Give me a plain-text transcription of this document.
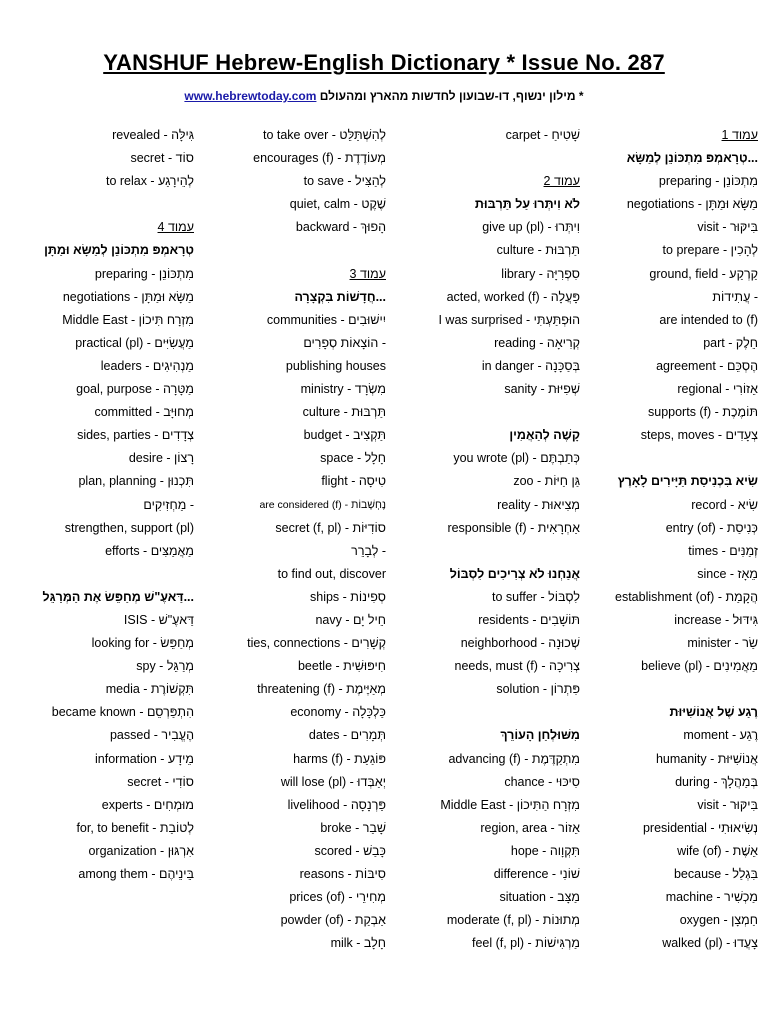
YANSHUF Hebrew-English Dictionary * Issue No. 287
www.hebrewtoday.com מילון ינשוף, דו-שבועון לחדשות מהארץ ומהעולם *
revealed - גִּילָּה
secret - סוֹד
to relax - לְהֵירָגַע
עמוד 4
טְרָאמְפּ מִתְכּוֹנֵן לְמַשָּׂא וּמַתָּן
preparing - מִתְכּוֹנֵן
negotiations - מַשָּׂא וּמַתָּן
Middle East - מִזְרָח תִּיכוֹן
practical (pl) - מַעֲשִׂיִּים
leaders - מַנְהִיגִים
goal, purpose - מַטָּרָה
committed - מְחוּיָּב
sides, parties - צְדָדִים
desire - רָצוֹן
plan, planning - תִּכְנוּן
מַחְזִיקִים -
strengthen, support (pl)
efforts - מַאֲמַצִּים
דַּאעֶ"שׁ מְחַפֵּשׂ אֶת הַמְּרַגֵּל...
ISIS - דַּאעֶ"שׁ
looking for - מְחַפֵּשׂ
spy - מְרַגֵּל
media - תִּקְשׁוֹרֶת
became known - הִתְפַּרְסֵם
passed - הֶעֱבִיר
information - מֵידָע
secret - סוֹדִי
experts - מוּמְחִים
for, to benefit - לְטוֹבַת
organization - אִרְגּוּן
among them - בֵּינֵיהֶם
to take over - לְהִשְׁתַּלֵּט
encourages (f) - מְעוֹדֶדֶת
to save - לְהַצִּיל
quiet, calm - שֶׁקֶט
backward - הָפוּךְ
עמוד 3
חֲדָשׁוֹת בִּקְצָרָה...
communities - יִישׁוּבִים
הוֹצָאוֹת סְפָרִים -
publishing houses
ministry - מִשְׂרָד
culture - תַּרְבּוּת
budget - תַּקְצִיב
space - חָלָל
flight - טִיסָה
are considered (f) - נֶחְשָׁבוֹת
secret (f, pl) - סוֹדִיּוֹת
לְבָרֵר -
to find out, discover
ships - סְפִינוֹת
navy - חֵיל יָם
ties, connections - קְשָׁרִים
beetle - חִיפּוּשִׁית
threatening (f) - מְאַיֶּימֶת
economy - כַּלְכָּלָה
dates - תְּמָרִים
harms (f) - פּוֹגַעַת
will lose (pl) - יְאַבְּדוּ
livelihood - פַּרְנָסָה
broke - שָׁבַר
scored - כָּבַשׁ
reasons - סִיבּוֹת
prices (of) - מְחִירֵי
powder (of) - אַבְקַת
milk - חָלָב
carpet - שָׁטִיחַ
עמוד 2
לֹא וִיתְּרוּ עַל תַּרְבּוּת
give up (pl) - וִיתְּרוּ
culture - תַּרְבּוּת
library - סִפְרִיָּה
acted, worked (f) - פָּעֲלָה
I was surprised - הוּפְתַּעְתִּי
reading - קְרִיאָה
in danger - בְּסַכָּנָה
sanity - שְׁפִיּוּת
קָשֶׁה לְהַאֲמִין
you wrote (pl) - כְּתַבְתֶּם
zoo - גַּן חַיּוֹת
reality - מְצִיאוּת
responsible (f) - אַחְרָאִית
אֲנַחְנוּ לֹא צְרִיכִים לִסְבּוֹל
to suffer - לִסְבּוֹל
residents - תּוֹשָׁבִים
neighborhood - שְׁכוּנָה
needs, must (f) - צְרִיכָה
solution - פִּתְרוֹן
מִשּׁוּלְחַן הָעוֹרֵךְ
advancing (f) - מִתְקַדֶּמֶת
chance - סִיכּוּי
Middle East - מִזְרָח הַתִּיכוֹן
region, area - אֵזוֹר
hope - תִּקְוָוה
difference - שׁוֹנִי
situation - מַצָּב
moderate (f, pl) - מְתוּנוֹת
feel (f, pl) - מַרְגִּישׁוֹת
עמוד 1
טְרָאמְפּ מִתְכּוֹנֵן לְמַשָּׂא...
preparing - מִתְכּוֹנֵן
negotiations - מַשָּׂא וּמַתָּן
visit - בִּיקּוּר
to prepare - לְהָכִין
ground, field - קַרְקַע
עֲתִידוֹת -
are intended to (f)
part - חֵלֶק
agreement - הֶסְכֵּם
regional - אֵזוֹרִי
supports (f) - תּוֹמֶכֶת
steps, moves - צְעָדִים
שִׂיא בִּכְנִיסַת תַּיָּירִים לָאָרֶץ
record - שִׂיא
entry (of) - כְּנִיסַת
times - זְמַנִּים
since - מֵאָז
establishment (of) - הֲקָמַת
increase - גִּידּוּל
minister - שַׂר
believe (pl) - מַאֲמִינִים
רֶגַע שֶׁל אֲנוֹשִׁיּוּת
moment - רֶגַע
humanity - אֲנוֹשִׁיּוּת
during - בְּמַהֲלָךְ
visit - בִּיקּוּר
presidential - נְשִׂיאוּתִי
wife (of) - אֵשֶׁת
because - בִּגְלַל
machine - מַכְשִׁיר
oxygen - חַמְצָן
walked (pl) - צָעֲדוּ
